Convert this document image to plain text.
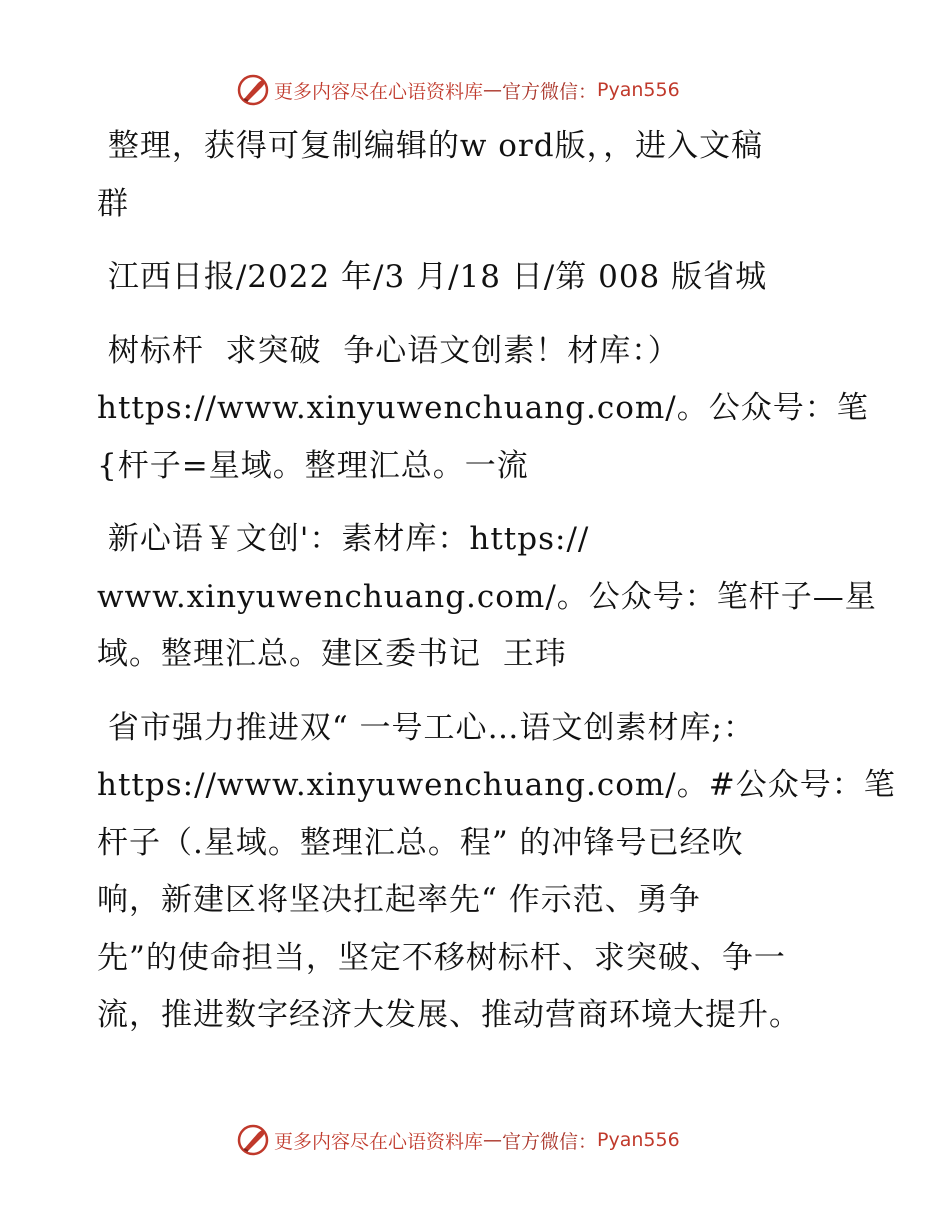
更多内容尽在心语资料库 — 官方微信： Pyan556
整理，获得可复制编辑的w ord版，，进入文稿
群
江西日报/2022 年/3 月/18 日/第 008 版省城
树标杆  求突破  争心语文创素！材库：）
https://www.xinyuwenchuang.com/。公众号：笔
{杆子=星域。整理汇总。一流
新心语￥文创'：素材库：https://
www.xinyuwenchuang.com/。公众号：笔杆子—星
域。整理汇总。建区委书记  王玮
省市强力推进双“ 一号工心…语文创素材库;：
https://www.xinyuwenchuang.com/。#公众号：笔
杆子（.星域。整理汇总。程” 的冲锋号已经吹
响，新建区将坚决扛起率先“ 作示范、勇争
先”的使命担当，坚定不移树标杆、求突破、争一
流，推进数字经济大发展、推动营商环境大提升。
更多内容尽在心语资料库 — 官方微信： Pyan556
